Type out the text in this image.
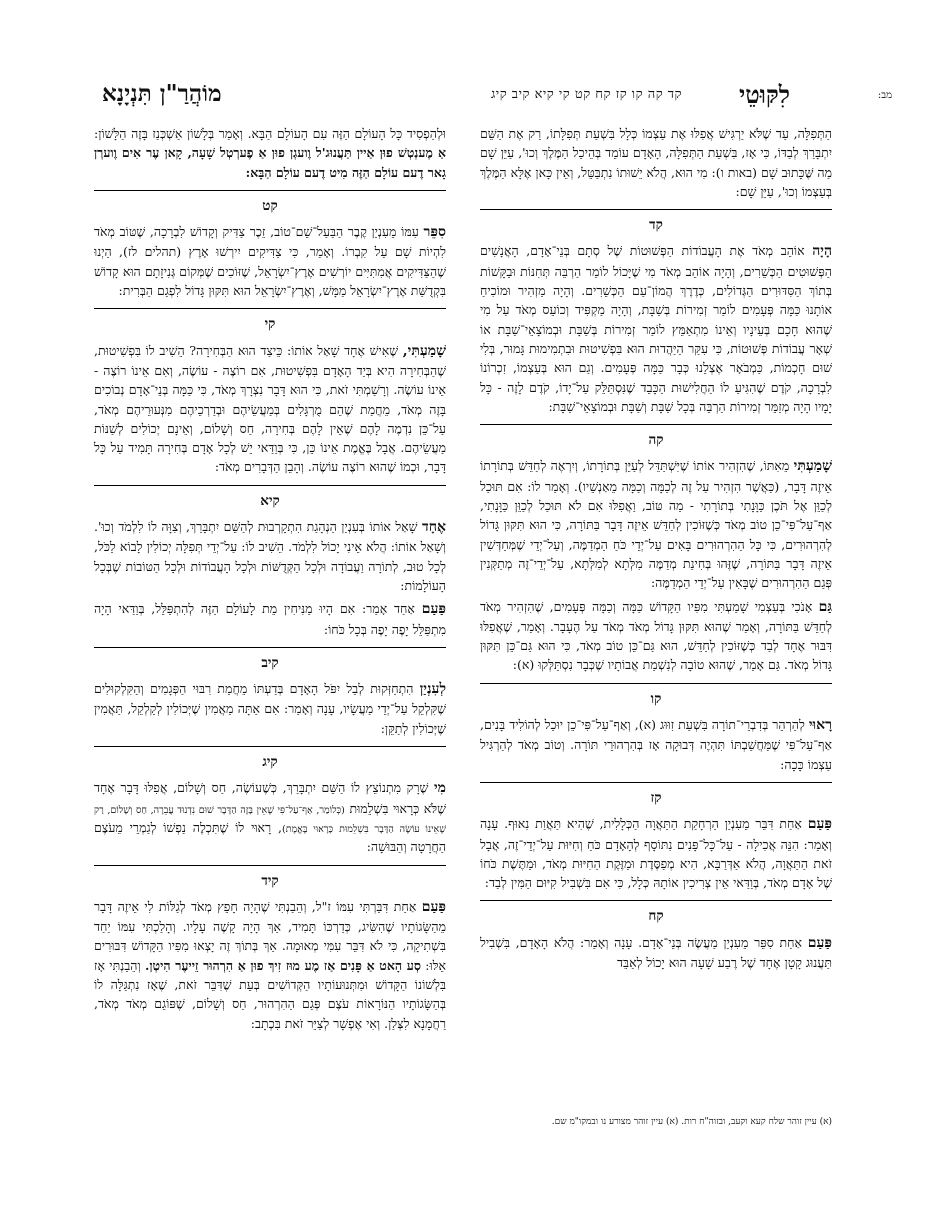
לִקּוּטֵי
קד קה קו קז קח קט קי קיא קיב קיג
מוֹהֲרַ"ן תִּנְיָנָא	מב:

הַתְּפִלָּה, עַד שֶׁלֹּא יַרְגִּישׁ אֲפִלּוּ אֶת עַצְמוֹ כְּלָל בִּשְׁעַת תְּפִלָּתוֹ, רַק אֶת הַשֵּׁם יִתְבָּרַךְ לְבַדּוֹ, כִּי אָז, בִּשְׁעַת הַתְּפִלָּה, הָאָדָם עוֹמֵד בְּהֵיכַל הַמֶּלֶךְ וְכוּ', עַיֵּן שָׁם מַה שֶּׁכָּתוּב שָׁם (באות ו): מִי הוּא, הֲלֹא יֵשׁוּתוֹ נִתְבַּטֵּל, וְאֵין כָּאן אֶלָּא הַמֶּלֶךְ בְּעַצְמוֹ וְכוּ', עַיֵּן שָׁם:

קד

הָיָה אוֹהֵב מְאֹד אֶת הָעֲבוֹדוֹת הַפְּשׁוּטוֹת שֶׁל סְתָם בְּנֵי־אָדָם, הָאֲנָשִׁים הַפְּשׁוּטִים הַכְּשֵׁרִים, וְהָיָה אוֹהֵב מְאֹד מִי שֶׁיָּכוֹל לוֹמַר הַרְבֵּה תְּחִנּוֹת וּבַקָּשׁוֹת בְּתוֹךְ הַסִּדּוּרִים הַגְּדוֹלִים, כְּדֶרֶךְ הֲמוֹן־עַם הַכְּשֵׁרִים. וְהָיָה מַזְהִיר וּמוֹכִיחַ אוֹתָנוּ כַּמָּה פְּעָמִים לוֹמַר זְמִירוֹת בְּשַׁבָּת, וְהָיָה מַקְפִּיד וְכוֹעֵס מְאֹד עַל מִי שֶׁהוּא חָכָם בְּעֵינָיו וְאֵינוֹ מִתְאַמֵּץ לוֹמַר זְמִירוֹת בְּשַׁבָּת וּבְמוֹצָאֵי־שַׁבָּת אוֹ שְׁאָר עֲבוֹדוֹת פְּשׁוּטוֹת, כִּי עִקַּר הַיַּהֲדוּת הוּא בִּפְשִׁיטוּת וּבִתְמִימוּת גָּמוּר, בְּלִי שׁוּם חָכְמוֹת, כַּמְבֹאָר אֶצְלֵנוּ כְּבָר כַּמָּה פְּעָמִים. וְגַם הוּא בְּעַצְמוֹ, זִכְרוֹנוֹ לִבְרָכָה, קֹדֶם שֶׁהִגִּיעַ לוֹ הַחֲלִישׁוּת הַכָּבֵד שֶׁנִּסְתַּלֵּק עַל־יָדוֹ, קֹדֶם לָזֶה - כָּל יָמָיו הָיָה מְזַמֵּר זְמִירוֹת הַרְבֵּה בְּכָל שַׁבָּת וְשַׁבָּת וּבְמוֹצָאֵי־שַׁבָּת:

קה

שָׁמַעְתִּי מֵאִתּוֹ, שֶׁהִזְהִיר אוֹתוֹ שֶׁיִּשְׁתַּדֵּל לְעַיֵּן בְּתוֹרָתוֹ, וְיִרְאֶה לְחַדֵּשׁ בְּתוֹרָתוֹ אֵיזֶה דָּבָר, (כַּאֲשֶׁר הִזְהִיר עַל זֶה לְכַמָּה וְכַמָּה מֵאַנְשֵׁיו). וְאָמַר לוֹ: אִם תּוּכַל לְכַוֵּן אֶל תֹּכֶן כַּוָּנָתִי בְּתוֹרָתִי - מַה טּוֹב, וַאֲפִלּוּ אִם לֹא תּוּכַל לְכַוֵּן כַּוָּנָתִי, אַף־עַל־פִּי־כֵן טוֹב מְאֹד כְּשֶׁזּוֹכִין לְחַדֵּשׁ אֵיזֶה דָּבָר בַּתּוֹרָה, כִּי הוּא תִּקּוּן גָּדוֹל לְהִרְהוּרִים, כִּי כָּל הַהִרְהוּרִים בָּאִים עַל־יְדֵי כֹּחַ הַמְדַמֶּה, וְעַל־יְדֵי שֶׁמְּחַדְּשִׁין אֵיזֶה דָּבָר בַּתּוֹרָה, שֶׁזֶּהוּ בְּחִינַת מְדַמֶּה מִלְּתָא לְמִלְּתָא, עַל־יְדֵי־זֶה מְתַקְּנִין פְּגַם הַהִרְהוּרִים שֶׁבָּאִין עַל־יְדֵי הַמְדַמֶּה:

גַּם אָנֹכִי בְּעַצְמִי שָׁמַעְתִּי מִפִּיו הַקָּדוֹשׁ כַּמָּה וְכַמָּה פְּעָמִים, שֶׁהִזְהִיר מְאֹד לְחַדֵּשׁ בַּתּוֹרָה, וְאָמַר שֶׁהוּא תִּקּוּן גָּדוֹל מְאֹד מְאֹד עַל הֶעָבָר. וְאָמַר, שֶׁאֲפִלּוּ דִּבּוּר אֶחָד לְבַד כְּשֶׁזּוֹכִין לְחַדֵּשׁ, הוּא גַּם־כֵּן טוֹב מְאֹד, כִּי הוּא גַּם־כֵּן תִּקּוּן גָּדוֹל מְאֹד. גַּם אָמַר, שֶׁהוּא טוֹבָה לְנִשְׁמַת אֲבוֹתָיו שֶׁכְּבָר נִסְתַּלְּקוּ (א):

קו

רָאוּי לְהַרְהֵר בְּדִבְרֵי־תוֹרָה בִּשְׁעַת זִוּוּג (א), וְאַף־עַל־פִּי־כֵן יוּכַל לְהוֹלִיד בָּנִים, אַף־עַל־פִּי שֶׁמַּחֲשַׁבְתּוֹ תִּהְיֶה דְּבוּקָה אָז בְּהִרְהוּרֵי תּוֹרָה. וְטוֹב מְאֹד לְהַרְגִּיל עַצְמוֹ כָּכָה:

קז

פַּעַם אַחַת דִּבֵּר מֵעִנְיַן הַרְחָקַת הַתַּאֲוָה הַכְּלָלִית, שֶׁהִיא תַּאֲוַת נִאוּף. עָנָה וְאָמַר: הִנֵּה אֲכִילָה - עַל־כָּל־פָּנִים נִתּוֹסָף לְהָאָדָם כֹּחַ וְחִיּוּת עַל־יְדֵי־זֶה, אֲבָל זֹאת הַתַּאֲוָה, הֲלֹא אַדְּרַבָּא, הִיא מְפַסֶּדֶת וּמַזֶּקֶת הַחִיּוּת מְאֹד, וּמַתֶּשֶׁת כֹּחוֹ שֶׁל אָדָם מְאֹד, בְּוַדַּאי אֵין צְרִיכִין אוֹתָהּ כְּלָל, כִּי אִם בִּשְׁבִיל קִיּוּם הַמִּין לְבַד:

קח

פַּעַם אַחַת סִפֵּר מֵעִנְיַן מַעֲשֶׂה בְּנֵי־אָדָם. עָנָה וְאָמַר: הֲלֹא הָאָדָם, בִּשְׁבִיל תַּעֲנוּג קָטָן אֶחָד שֶׁל רֶבַע שָׁעָה הוּא יָכוֹל לְאַבֵּד

וּלְהַפְסִיד כָּל הָעוֹלָם הַזֶּה עִם הָעוֹלָם הַבָּא. וְאָמַר בְּלָשׁוֹן אַשְׁכְּנַז בָּזֶה הַלָּשׁוֹן: אַ מֶענְטְשׁ פוּן אַיין תַּעֲנוּג'ל וֶועגְן פוּן אַ פֶערְטְל שָׁעָה, קָאן עֶר אִים וֶוערְן גָאר דֶעם עוֹלָם הַזֶּה מִיט דֶעם עוֹלָם הַבָּא:

קט

סִפֵּר עִמּוֹ מֵעִנְיַן קֶבֶר הַבַּעַל־שֵׁם־טוֹב, זֵכֶר צַדִּיק וְקָדוֹשׁ לִבְרָכָה, שֶׁטּוֹב מְאֹד לִהְיוֹת שָׁם עַל קִבְרוֹ. וְאָמַר, כִּי צַדִּיקִים יִירְשׁוּ אָרֶץ (תהלים לז), הַיְנוּ שֶׁהַצַּדִּיקִים אֲמִתִּיִּים יוֹרְשִׁים אֶרֶץ־יִשְׂרָאֵל, שֶׁזּוֹכִים שֶׁמְּקוֹם גְּנִיזָתָם הוּא קָדוֹשׁ בִּקְדֻשַּׁת אֶרֶץ־יִשְׂרָאֵל מַמָּשׁ, וְאֶרֶץ־יִשְׂרָאֵל הוּא תִּקּוּן גָּדוֹל לִפְגַם הַבְּרִית:

קי

שָׁמַעְתִּי, שֶׁאִישׁ אֶחָד שָׁאַל אוֹתוֹ: כֵּיצַד הוּא הַבְּחִירָה? הֵשִׁיב לוֹ בִּפְשִׁיטוּת, שֶׁהַבְּחִירָה הִיא בְּיַד הָאָדָם בִּפְשִׁיטוּת, אִם רוֹצֶה - עוֹשֶׂה, וְאִם אֵינוֹ רוֹצֶה - אֵינוֹ עוֹשֶׂה. וְרָשַׁמְתִּי זֹאת, כִּי הוּא דָּבָר נִצְרָךְ מְאֹד, כִּי כַּמָּה בְּנֵי־אָדָם נְבוֹכִים בָּזֶה מְאֹד, מֵחֲמַת שֶׁהֵם מֻרְגָּלִים בְּמַעֲשֵׂיהֶם וּבְדַרְכֵיהֶם מִנְּעוּרֵיהֶם מְאֹד, עַל־כֵּן נִדְמֶה לָהֶם שֶׁאֵין לָהֶם בְּחִירָה, חַס וְשָׁלוֹם, וְאֵינָם יְכוֹלִים לְשַׁנּוֹת מַעֲשֵׂיהֶם. אֲבָל בֶּאֱמֶת אֵינוֹ כֵּן, כִּי בְּוַדַּאי יֵשׁ לְכָל אָדָם בְּחִירָה תָּמִיד עַל כָּל דָּבָר, וּכְמוֹ שֶׁהוּא רוֹצֶה עוֹשֶׂה. וְהָבֵן הַדְּבָרִים מְאֹד:

קיא

אֶחָד שָׁאַל אוֹתוֹ בְּעִנְיַן הַנְהָגַת הִתְקָרְבוּת לְהַשֵּׁם יִתְבָּרַךְ, וְצִוָּה לוֹ לִלְמֹד וְכוּ'. וְשָׁאַל אוֹתוֹ: הֲלֹא אֵינִי יָכוֹל לִלְמֹד. הֵשִׁיב לוֹ: עַל־יְדֵי תְּפִלָּה יְכוֹלִין לָבוֹא לַכֹּל, לְכָל טוּב, לְתוֹרָה וַעֲבוֹדָה וּלְכָל הַקְּדֻשּׁוֹת וּלְכָל הָעֲבוֹדוֹת וּלְכָל הַטּוֹבוֹת שֶׁבְּכָל הָעוֹלָמוֹת:

פַּעַם אַחַד אָמַר: אִם הָיוּ מַנִּיחִין מֵת לָעוֹלָם הַזֶּה לְהִתְפַּלֵּל, בְּוַדַּאי הָיָה מִתְפַּלֵּל יָפֶה יָפֶה בְּכָל כֹּחוֹ:

קיב

לְעִנְיַן הִתְחַזְּקוּת לְבַל יִפֹּל הָאָדָם בְּדַעְתּוֹ מֵחֲמַת רִבּוּי הַפְּגָמִים וְהַקִּלְקוּלִים שֶׁקִּלְקֵל עַל־יְדֵי מַעֲשָׂיו, עָנָה וְאָמַר: אִם אַתָּה מַאֲמִין שֶׁיְּכוֹלִין לְקַלְקֵל, תַּאֲמִין שֶׁיְּכוֹלִין לְתַקֵּן:

קיג

מִי שֶׁרָק מִתְנוֹצֵץ לוֹ הַשֵּׁם יִתְבָּרַךְ, כְּשֶׁעוֹשֶׂה, חַס וְשָׁלוֹם, אֲפִלּוּ דָּבָר אֶחָד שֶׁלֹּא כְּרָאוּי בִּשְׁלֵמוּת (כְּלוֹמַר, אַף־עַל־פִּי שֶׁאֵין בָּזֶה הַדָּבָר שׁוּם נִדְנוּד עֲבֵרָה, חַס וְשָׁלוֹם, רַק שֶׁאֵינוֹ עוֹשֶׂה הַדָּבָר בִּשְׁלֵמוּת כָּרָאוּי בֶּאֱמֶת), רָאוּי לוֹ שֶׁתִּכְלֶה נַפְשׁוֹ לְגַמְרֵי מֵעֹצֶם הַחֲרָטָה וְהַבּוּשָׁה:

קיד

פַּעַם אַחַת דִּבַּרְתִּי עִמּוֹ ז"ל, וְהֵבַנְתִּי שֶׁהָיָה חָפֵץ מְאֹד לְגַלּוֹת לִי אֵיזֶה דָּבָר מֵהַשָּׂגוֹתָיו שֶׁהִשִּׂיג, כְּדַרְכּוֹ תָּמִיד, אַךְ הָיָה קָשֶׁה עָלָיו. וְהָלַכְתִּי עִמּוֹ יַחַד בִּשְׁתִיקָה, כִּי לֹא דִּבֵּר עִמִּי מְאוּמָה. אַךְ בְּתוֹךְ זֶה יָצְאוּ מִפִּיו הַקָּדוֹשׁ דִּבּוּרִים אֵלּוּ: סְע הָאט אַ פָּנִים אַז מֶע מוּז זִיךְ פוּן אַ הִרְהוּר זֵייעֶר הִיטְן. וְהֵבַנְתִּי אָז בִּלְשׁוֹנוֹ הַקָּדוֹשׁ וּמִתְּנוּעוֹתָיו הַקְּדוֹשִׁים בְּעֵת שֶׁדִּבֵּר זֹאת, שֶׁאָז נִתְגַּלָּה לוֹ בְּהַשָּׂגוֹתָיו הַנּוֹרָאוֹת עֹצֶם פְּגַם הַהִרְהוּר, חַס וְשָׁלוֹם, שֶׁפּוֹגֵם מְאֹד מְאֹד, רַחֲמָנָא לִצְּלַן. וְאִי אֶפְשָׁר לְצַיֵּר זֹאת בִּכְתָב:

(א) עיין זוהר שלח קעא וקעב, ובזוה"ח רות. (א) עיין זוהר מצורע נו ובמקו"מ שם.
